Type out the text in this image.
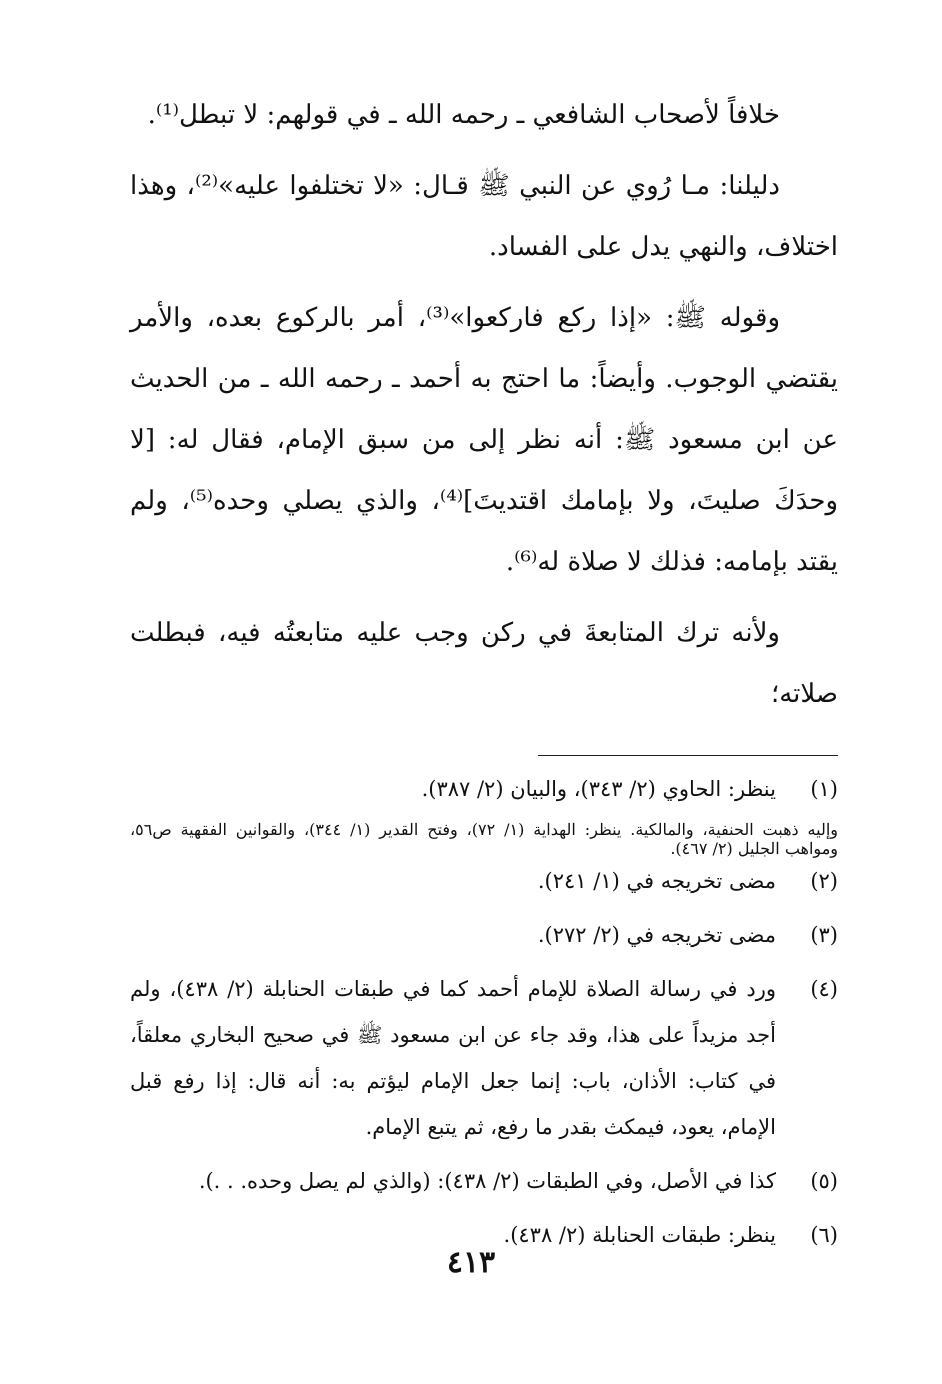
خلافاً لأصحاب الشافعي ـ رحمه الله ـ في قولهم: لا تبطل⁽¹⁾.

دليلنا: مـا رُوي عن النبي ﷺ قـال: «لا تختلفوا عليه»⁽²⁾، وهذا اختلاف، والنهي يدل على الفساد.

وقوله ﷺ: «إذا ركع فاركعوا»⁽³⁾، أمر بالركوع بعده، والأمر يقتضي الوجوب. وأيضاً: ما احتج به أحمد ـ رحمه الله ـ من الحديث عن ابن مسعود ﷺ: أنه نظر إلى من سبق الإمام، فقال له: [لا وحدَكَ صليتَ، ولا بإمامك اقتديتَ]⁽⁴⁾، والذي يصلي وحده⁽⁵⁾، ولم يقتد بإمامه: فذلك لا صلاة له⁽⁶⁾.

ولأنه ترك المتابعةَ في ركن وجب عليه متابعتُه فيه، فبطلت صلاته؛

(١)
ينظر: الحاوي (٢/ ٣٤٣)، والبيان (٢/ ٣٨٧).
وإليه ذهبت الحنفية، والمالكية. ينظر: الهداية (١/ ٧٢)، وفتح القدير (١/ ٣٤٤)، والقوانين الفقهية ص٥٦، ومواهب الجليل (٢/ ٤٦٧).
(٢)
مضى تخريجه في (١/ ٢٤١).
(٣)
مضى تخريجه في (٢/ ٢٧٢).
(٤)
ورد في رسالة الصلاة للإمام أحمد كما في طبقات الحنابلة (٢/ ٤٣٨)، ولم أجد مزيداً على هذا، وقد جاء عن ابن مسعود ﷺ في صحيح البخاري معلقاً، في كتاب: الأذان، باب: إنما جعل الإمام ليؤتم به: أنه قال: إذا رفع قبل الإمام، يعود، فيمكث بقدر ما رفع، ثم يتبع الإمام.
(٥)
كذا في الأصل، وفي الطبقات (٢/ ٤٣٨): (والذي لم يصل وحده. . .).
(٦)
ينظر: طبقات الحنابلة (٢/ ٤٣٨).
٤١٣
